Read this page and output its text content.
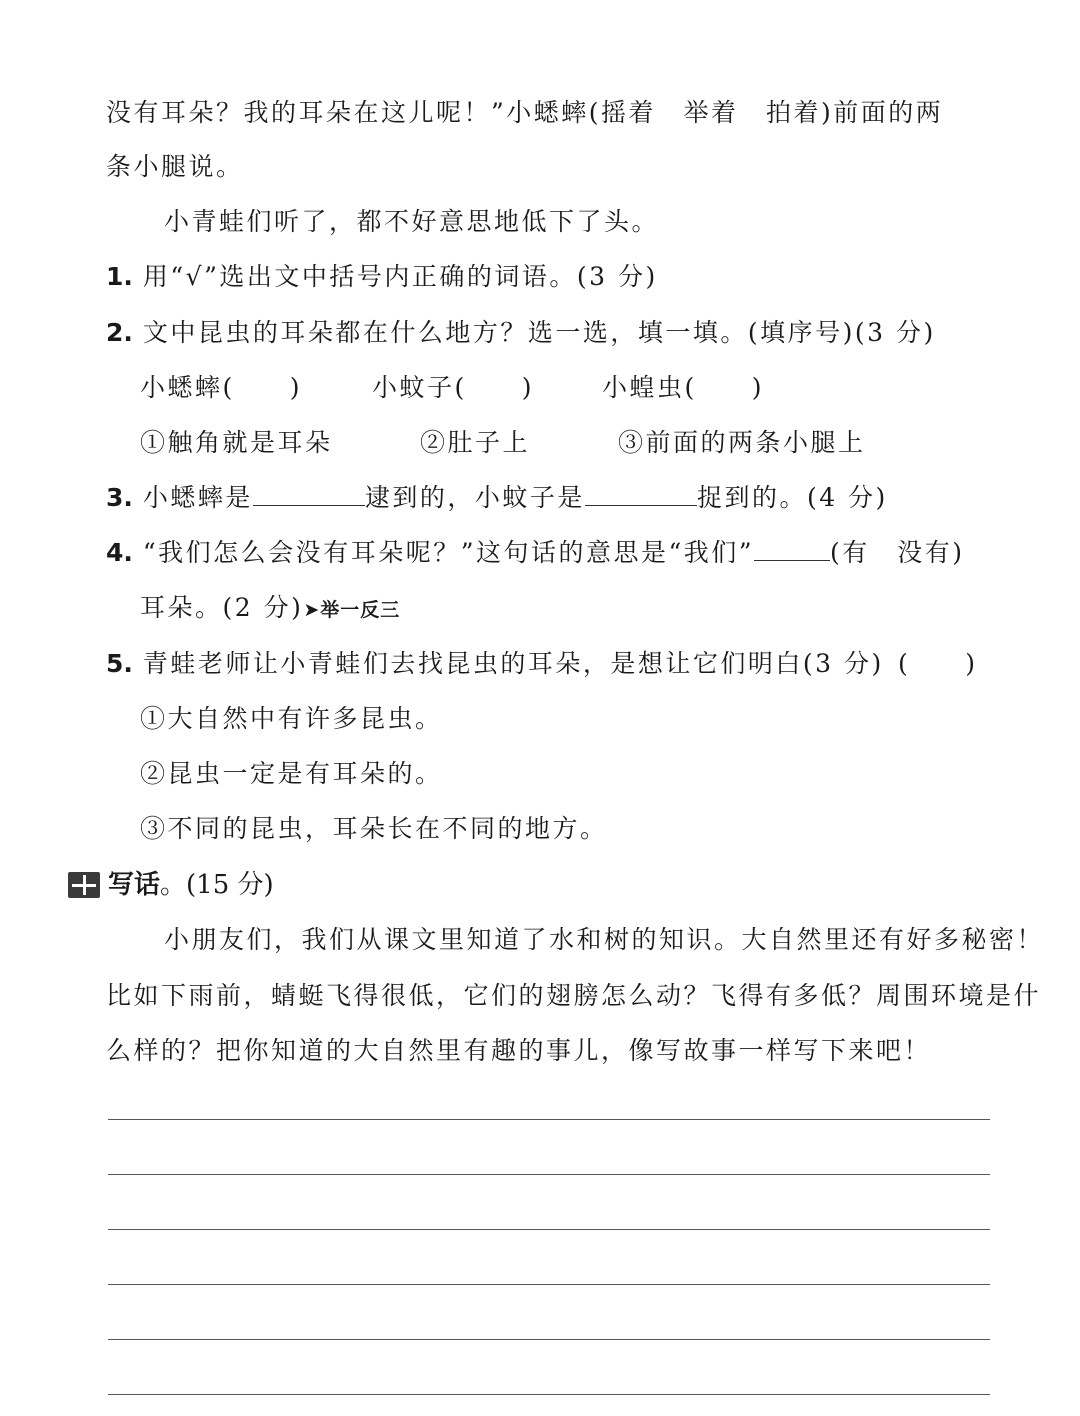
没有耳朵？我的耳朵在这儿呢！”小蟋蟀(摇着　举着　拍着)前面的两
条小腿说。
小青蛙们听了，都不好意思地低下了头。
1. 用“√”选出文中括号内正确的词语。(3 分)
2. 文中昆虫的耳朵都在什么地方？选一选，填一填。(填序号)(3 分)
小蟋蟀(　　)	小蚊子(　　)	小蝗虫(　　)
①触角就是耳朵	②肚子上	③前面的两条小腿上
3. 小蟋蟀是	逮到的，小蚊子是	捉到的。(4 分)
4. “我们怎么会没有耳朵呢？”这句话的意思是“我们”	(有　没有)
耳朵。(2 分)➤举一反三
5. 青蛙老师让小青蛙们去找昆虫的耳朵，是想让它们明白(3 分) (　　)
①大自然中有许多昆虫。
②昆虫一定是有耳朵的。
③不同的昆虫，耳朵长在不同的地方。
写话。(15 分)
小朋友们，我们从课文里知道了水和树的知识。大自然里还有好多秘密！
比如下雨前，蜻蜓飞得很低，它们的翅膀怎么动？飞得有多低？周围环境是什
么样的？把你知道的大自然里有趣的事儿，像写故事一样写下来吧！
